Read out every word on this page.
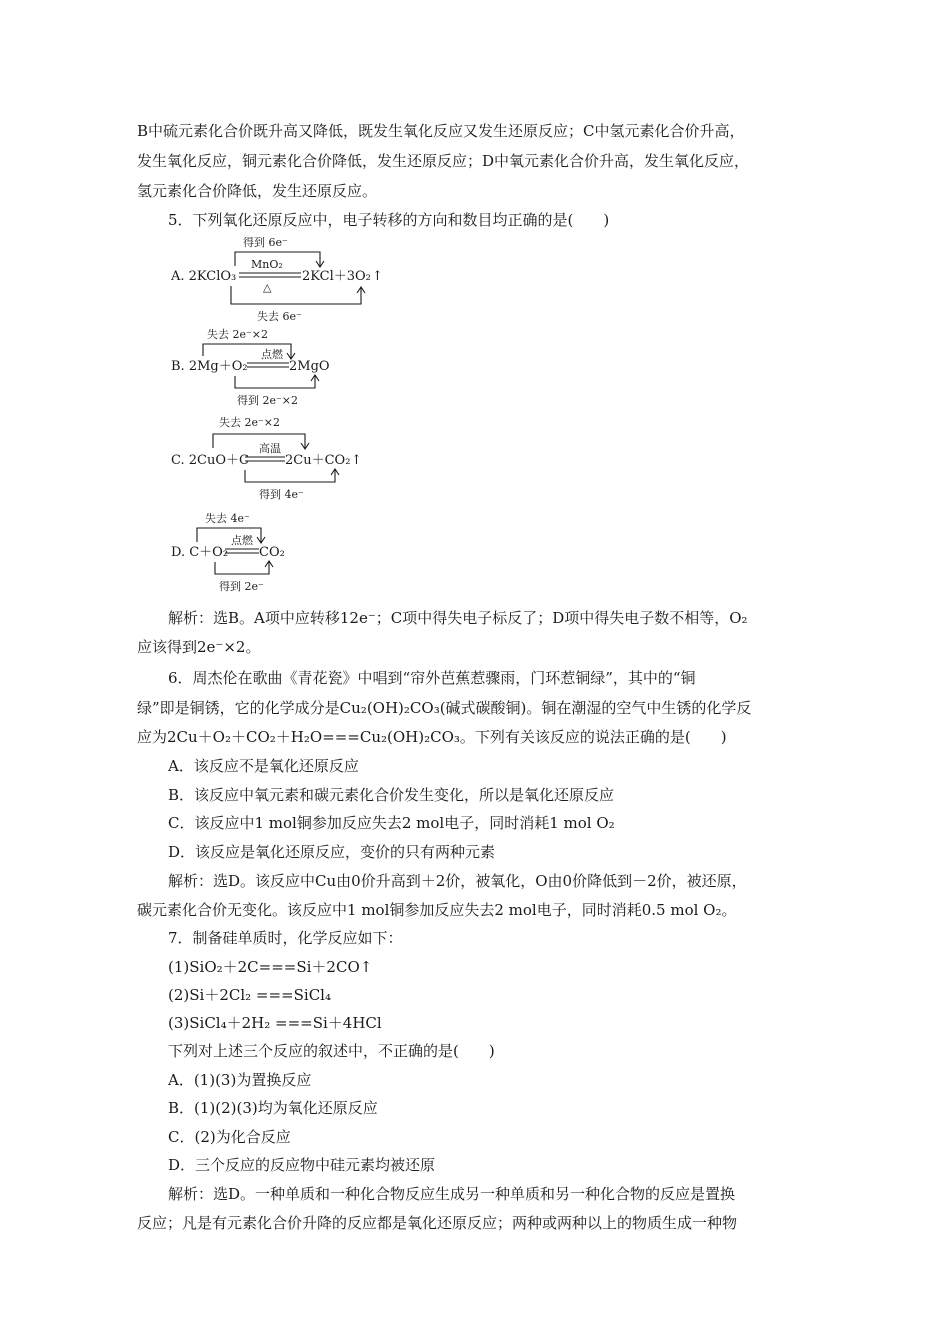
B中硫元素化合价既升高又降低，既发生氧化反应又发生还原反应；C中氢元素化合价升高，
发生氧化反应，铜元素化合价降低，发生还原反应；D中氧元素化合价升高，发生氧化反应，
氢元素化合价降低，发生还原反应。
5．下列氧化还原反应中，电子转移的方向和数目均正确的是(　　)
得到 6e⁻
A. 2KClO₃
MnO₂
△
2KCl＋3O₂ ↑
失去 6e⁻
失去 2e⁻×2
B. 2Mg＋O₂
点燃
2MgO
得到 2e⁻×2
失去 2e⁻×2
C. 2CuO＋C
高温
2Cu＋CO₂ ↑
得到 4e⁻
失去 4e⁻
D. C＋O₂
点燃
CO₂
得到 2e⁻
解析：选B。A项中应转移12e⁻；C项中得失电子标反了；D项中得失电子数不相等，O₂
应该得到2e⁻×2。
6．周杰伦在歌曲《青花瓷》中唱到“帘外芭蕉惹骤雨，门环惹铜绿”，其中的“铜
绿”即是铜锈，它的化学成分是Cu₂(OH)₂CO₃(碱式碳酸铜)。铜在潮湿的空气中生锈的化学反
应为2Cu＋O₂＋CO₂＋H₂O===Cu₂(OH)₂CO₃。下列有关该反应的说法正确的是(　　)
A．该反应不是氧化还原反应
B．该反应中氧元素和碳元素化合价发生变化，所以是氧化还原反应
C．该反应中1 mol铜参加反应失去2 mol电子，同时消耗1 mol O₂
D．该反应是氧化还原反应，变价的只有两种元素
解析：选D。该反应中Cu由0价升高到＋2价，被氧化，O由0价降低到－2价，被还原，
碳元素化合价无变化。该反应中1 mol铜参加反应失去2 mol电子，同时消耗0.5 mol O₂。
7．制备硅单质时，化学反应如下：
(1)SiO₂＋2C===Si＋2CO↑
(2)Si＋2Cl₂ ===SiCl₄
(3)SiCl₄＋2H₂ ===Si＋4HCl
下列对上述三个反应的叙述中，不正确的是(　　)
A．(1)(3)为置换反应
B．(1)(2)(3)均为氧化还原反应
C．(2)为化合反应
D．三个反应的反应物中硅元素均被还原
解析：选D。一种单质和一种化合物反应生成另一种单质和另一种化合物的反应是置换
反应；凡是有元素化合价升降的反应都是氧化还原反应；两种或两种以上的物质生成一种物
